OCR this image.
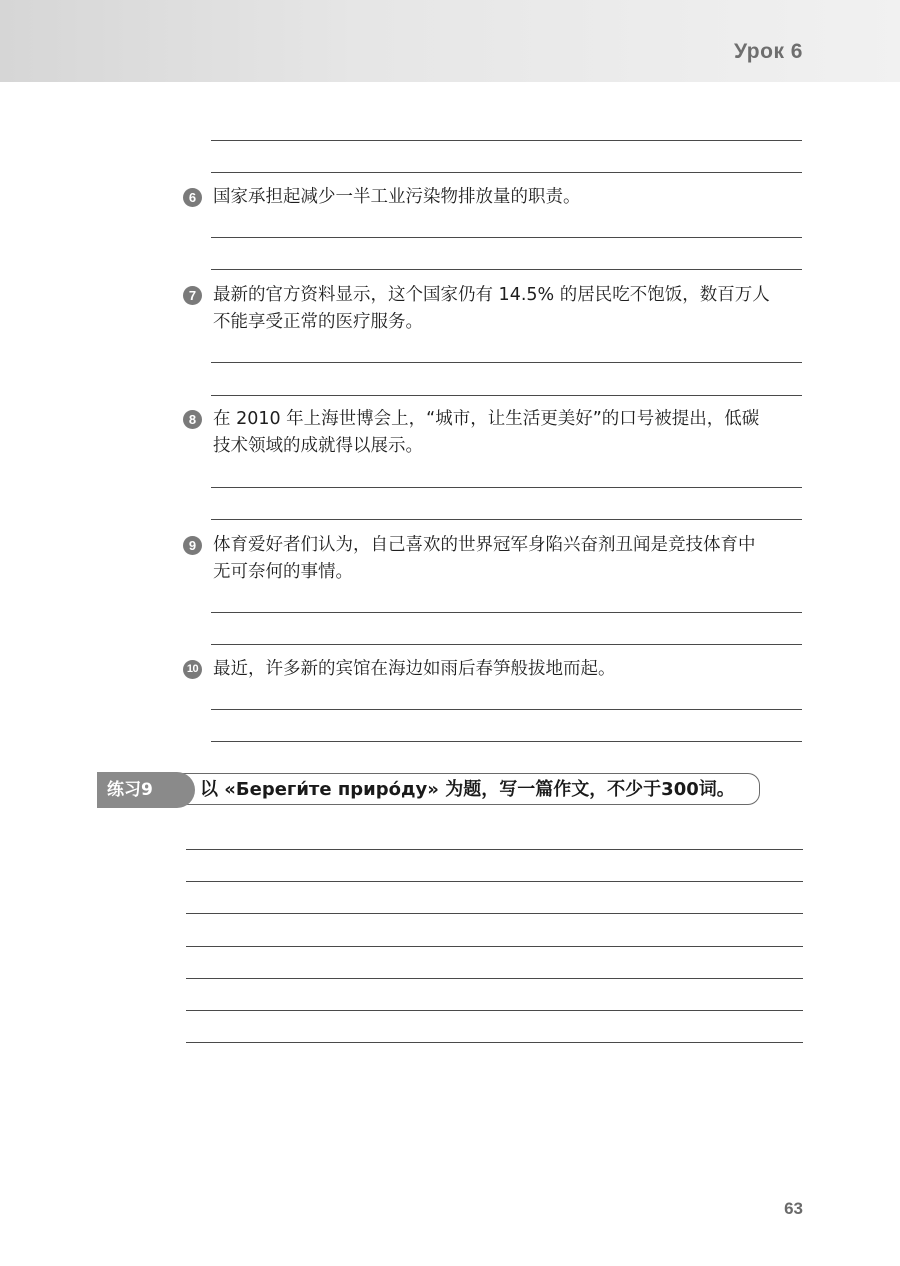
Урок 6
6 国家承担起减少一半工业污染物排放量的职责。
7 最新的官方资料显示，这个国家仍有 14.5% 的居民吃不饱饭，数百万人
不能享受正常的医疗服务。
8 在 2010 年上海世博会上，“城市，让生活更美好”的口号被提出，低碳
技术领域的成就得以展示。
9 体育爱好者们认为，自己喜欢的世界冠军身陷兴奋剂丑闻是竞技体育中
无可奈何的事情。
10 最近，许多新的宾馆在海边如雨后春笋般拔地而起。
练习9	以 «Береги́те приро́ду» 为题，写一篇作文，不少于300词。
63
